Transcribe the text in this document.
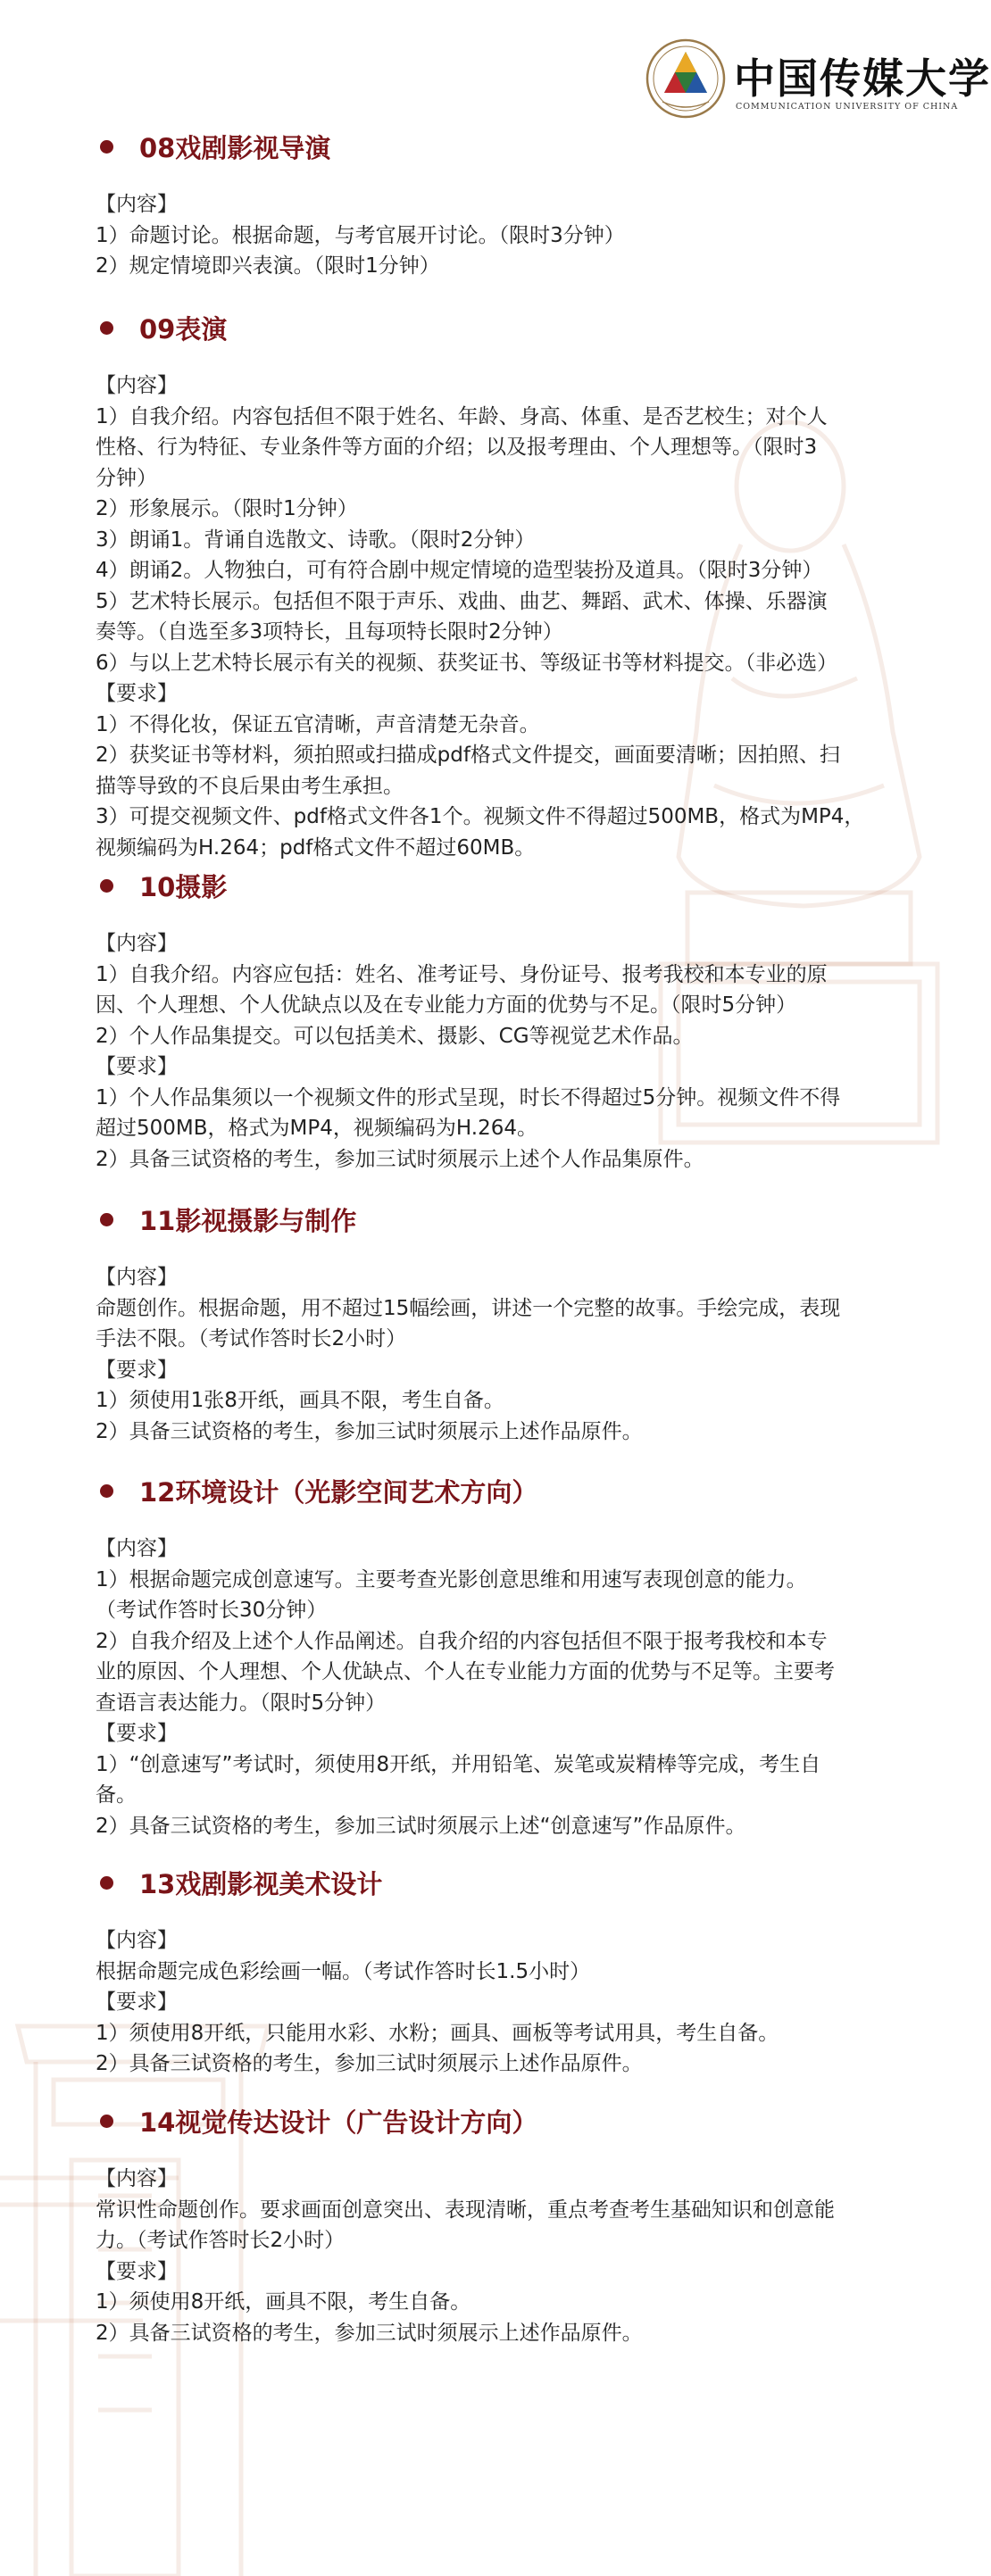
中国传媒大学
COMMUNICATION UNIVERSITY OF CHINA
08戏剧影视导演
【内容】
1）命题讨论。根据命题，与考官展开讨论。（限时3分钟）
2）规定情境即兴表演。（限时1分钟）
09表演
【内容】
1）自我介绍。内容包括但不限于姓名、年龄、身高、体重、是否艺校生；对个人
性格、行为特征、专业条件等方面的介绍；以及报考理由、个人理想等。（限时3
分钟）
2）形象展示。（限时1分钟）
3）朗诵1。背诵自选散文、诗歌。（限时2分钟）
4）朗诵2。人物独白，可有符合剧中规定情境的造型装扮及道具。（限时3分钟）
5）艺术特长展示。包括但不限于声乐、戏曲、曲艺、舞蹈、武术、体操、乐器演
奏等。（自选至多3项特长，且每项特长限时2分钟）
6）与以上艺术特长展示有关的视频、获奖证书、等级证书等材料提交。（非必选）
【要求】
1）不得化妆，保证五官清晰，声音清楚无杂音。
2）获奖证书等材料，须拍照或扫描成pdf格式文件提交，画面要清晰；因拍照、扫
描等导致的不良后果由考生承担。
3）可提交视频文件、pdf格式文件各1个。视频文件不得超过500MB，格式为MP4，
视频编码为H.264；pdf格式文件不超过60MB。
10摄影
【内容】
1）自我介绍。内容应包括：姓名、准考证号、身份证号、报考我校和本专业的原
因、个人理想、个人优缺点以及在专业能力方面的优势与不足。（限时5分钟）
2）个人作品集提交。可以包括美术、摄影、CG等视觉艺术作品。
【要求】
1）个人作品集须以一个视频文件的形式呈现，时长不得超过5分钟。视频文件不得
超过500MB，格式为MP4，视频编码为H.264。
2）具备三试资格的考生，参加三试时须展示上述个人作品集原件。
11影视摄影与制作
【内容】
命题创作。根据命题，用不超过15幅绘画，讲述一个完整的故事。手绘完成，表现
手法不限。（考试作答时长2小时）
【要求】
1）须使用1张8开纸，画具不限，考生自备。
2）具备三试资格的考生，参加三试时须展示上述作品原件。
12环境设计（光影空间艺术方向）
【内容】
1）根据命题完成创意速写。主要考查光影创意思维和用速写表现创意的能力。
（考试作答时长30分钟）
2）自我介绍及上述个人作品阐述。自我介绍的内容包括但不限于报考我校和本专
业的原因、个人理想、个人优缺点、个人在专业能力方面的优势与不足等。主要考
查语言表达能力。（限时5分钟）
【要求】
1）“创意速写”考试时，须使用8开纸，并用铅笔、炭笔或炭精棒等完成，考生自
备。
2）具备三试资格的考生，参加三试时须展示上述“创意速写”作品原件。
13戏剧影视美术设计
【内容】
根据命题完成色彩绘画一幅。（考试作答时长1.5小时）
【要求】
1）须使用8开纸，只能用水彩、水粉；画具、画板等考试用具，考生自备。
2）具备三试资格的考生，参加三试时须展示上述作品原件。
14视觉传达设计（广告设计方向）
【内容】
常识性命题创作。要求画面创意突出、表现清晰，重点考查考生基础知识和创意能
力。（考试作答时长2小时）
【要求】
1）须使用8开纸，画具不限，考生自备。
2）具备三试资格的考生，参加三试时须展示上述作品原件。
